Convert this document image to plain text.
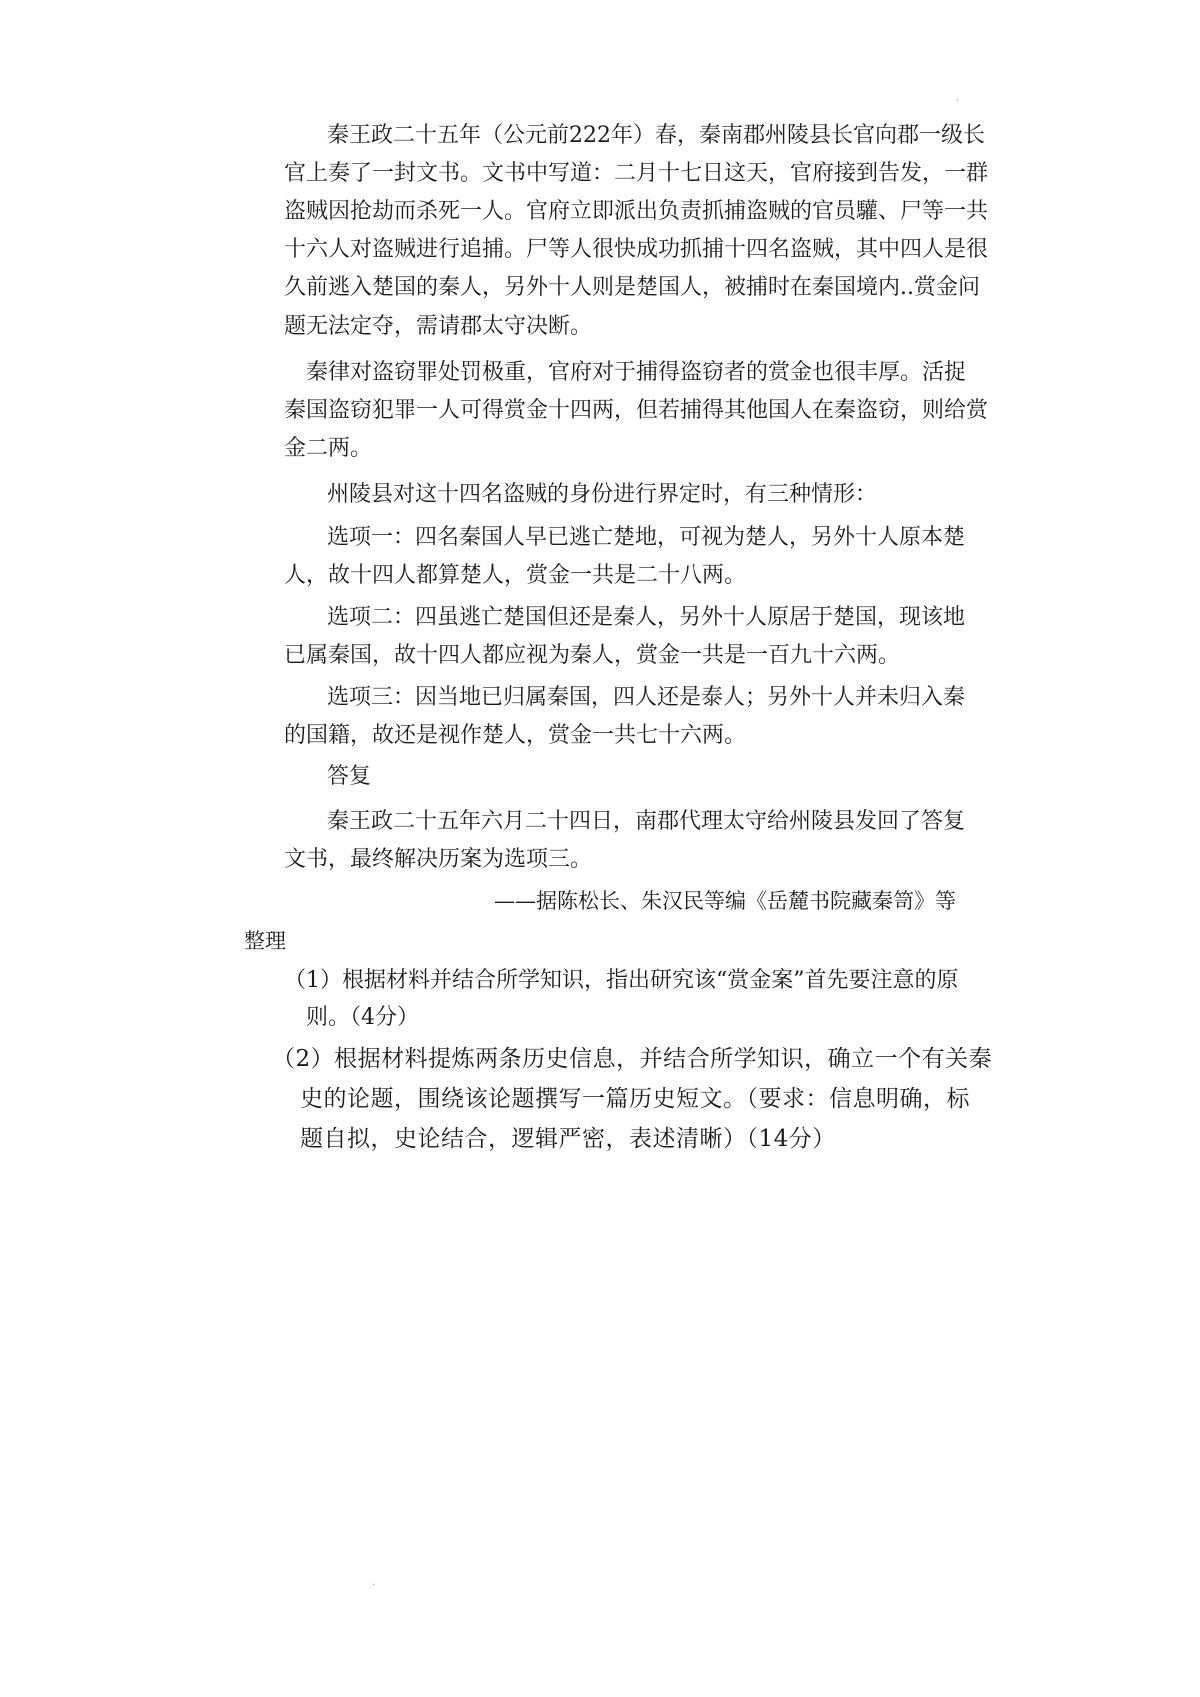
·
秦王政二十五年（公元前222年）春，秦南郡州陵县长官向郡一级长
官上奏了一封文书。文书中写道：二月十七日这天，官府接到告发，一群
盗贼因抢劫而杀死一人。官府立即派出负责抓捕盗贼的官员驩、尸等一共
十六人对盗贼进行追捕。尸等人很快成功抓捕十四名盗贼，其中四人是很
久前逃入楚国的秦人，另外十人则是楚国人，被捕时在秦国境内..赏金问
题无法定夺，需请郡太守决断。
秦律对盗窃罪处罚极重，官府对于捕得盗窃者的赏金也很丰厚。活捉
秦国盗窃犯罪一人可得赏金十四两，但若捕得其他国人在秦盗窃，则给赏
金二两。
州陵县对这十四名盗贼的身份进行界定时，有三种情形：
选项一：四名秦国人早已逃亡楚地，可视为楚人，另外十人原本楚
人，故十四人都算楚人，赏金一共是二十八两。
选项二：四虽逃亡楚国但还是秦人，另外十人原居于楚国，现该地
已属秦国，故十四人都应视为秦人，赏金一共是一百九十六两。
选项三：因当地已归属秦国，四人还是泰人；另外十人并未归入秦
的国籍，故还是视作楚人，赏金一共七十六两。
答复
秦王政二十五年六月二十四日，南郡代理太守给州陵县发回了答复
文书，最终解决历案为选项三。
——据陈松长、朱汉民等编《岳麓书院藏秦笥》等
整理
（1）根据材料并结合所学知识，指出研究该“赏金案”首先要注意的原
则。（4分）
（2）根据材料提炼两条历史信息，并结合所学知识，确立一个有关秦
史的论题，围绕该论题撰写一篇历史短文。（要求：信息明确，标
题自拟，史论结合，逻辑严密，表述清晰）（14分）
·
